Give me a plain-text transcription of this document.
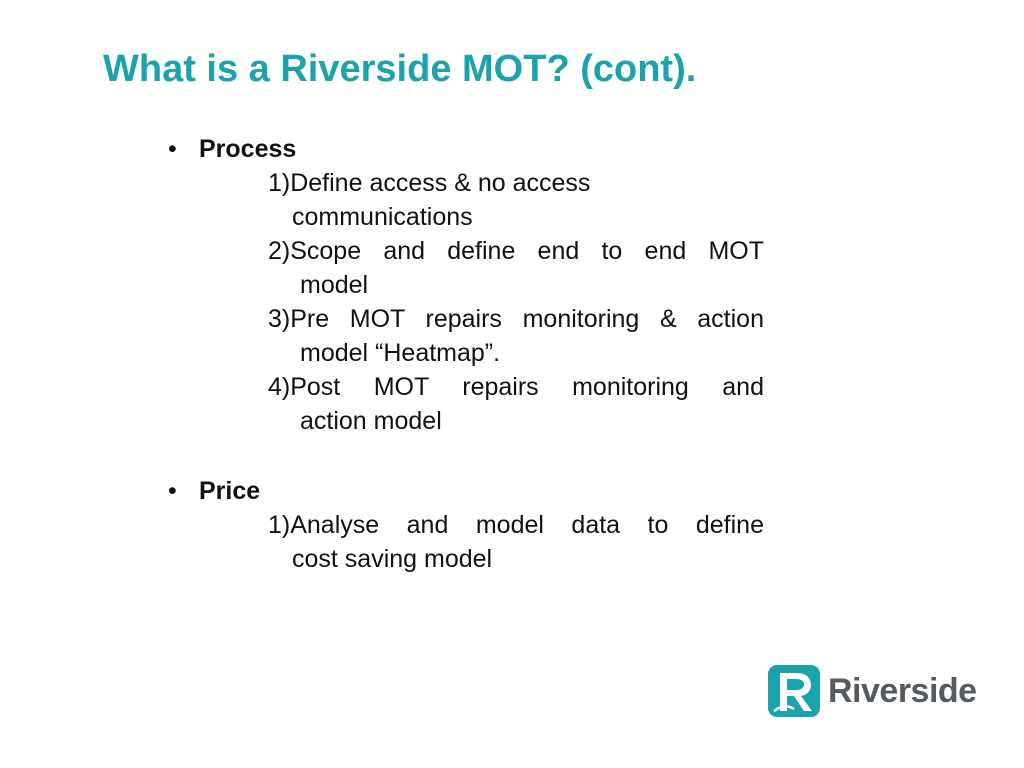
What is a Riverside MOT? (cont).
• Process
1)Define access & no access
communications
2)Scope and define end to end MOT
model
3)Pre MOT repairs monitoring & action
model “Heatmap”.
4)Post MOT repairs monitoring and
action model
• Price
1)Analyse and model data to define
cost saving model
Riverside
